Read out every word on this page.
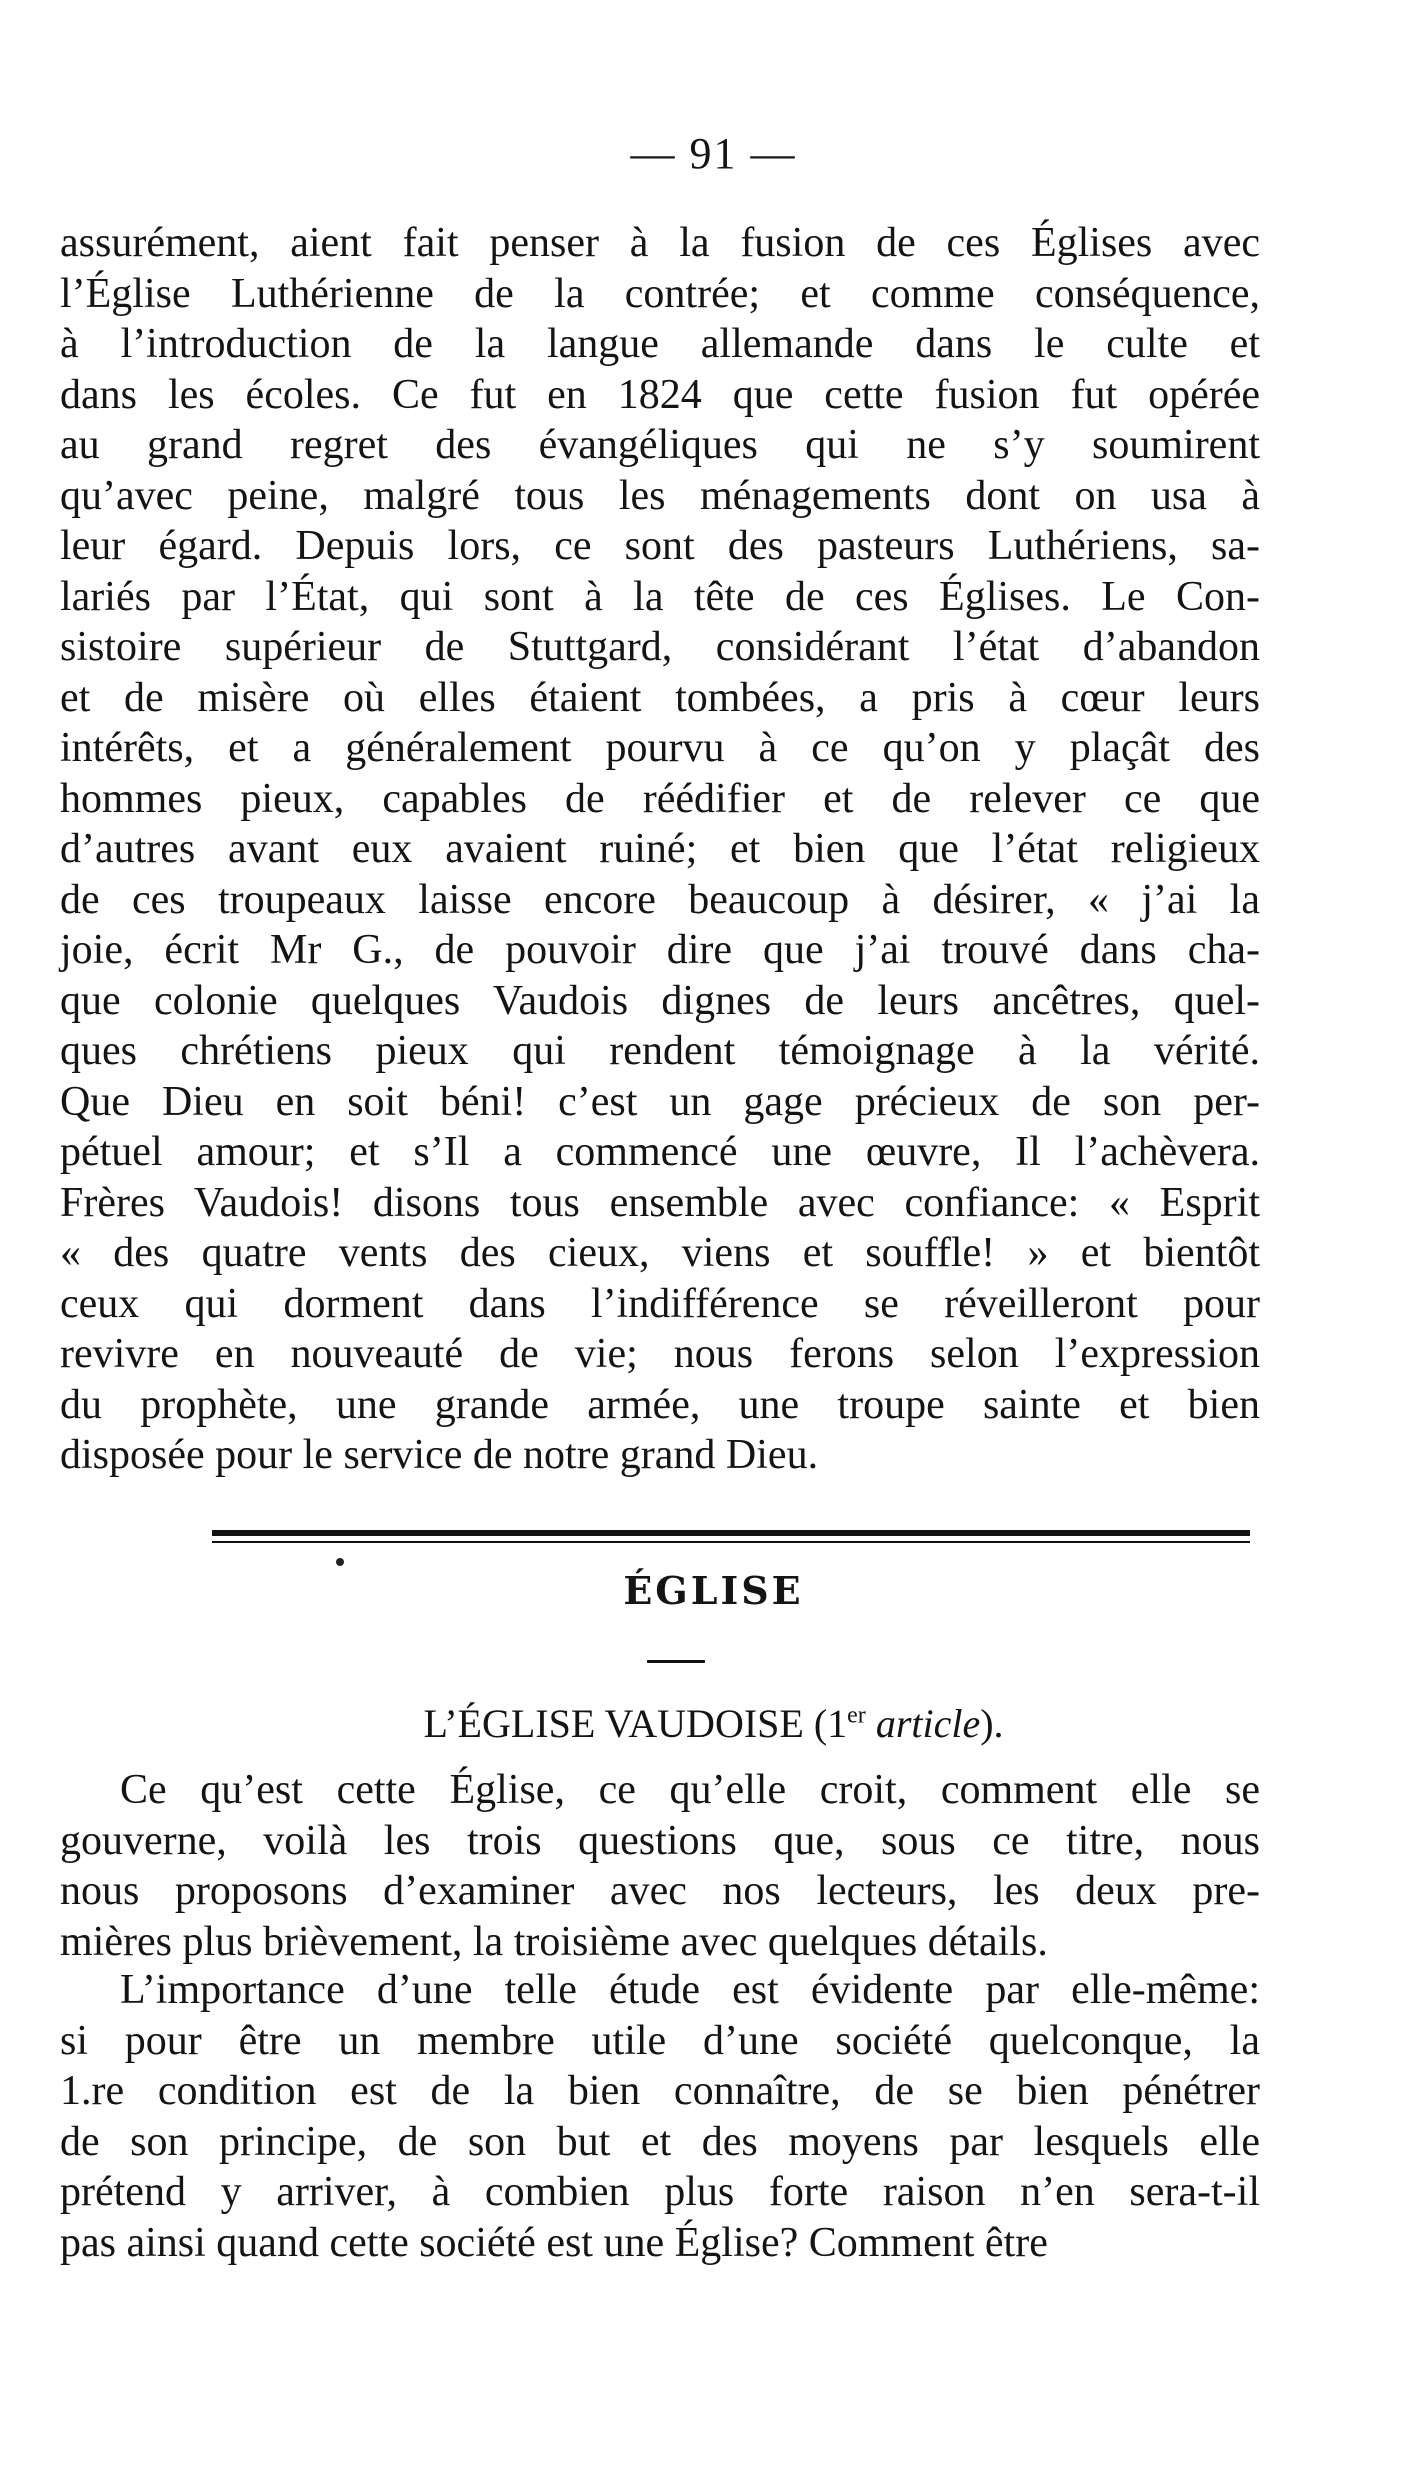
— 91 —
assurément, aient fait penser à la fusion de ces Églises avec
l’Église Luthérienne de la contrée; et comme conséquence,
à l’introduction de la langue allemande dans le culte et
dans les écoles. Ce fut en 1824 que cette fusion fut opérée
au grand regret des évangéliques qui ne s’y soumirent
qu’avec peine, malgré tous les ménagements dont on usa à
leur égard. Depuis lors, ce sont des pasteurs Luthériens, sa-
lariés par l’État, qui sont à la tête de ces Églises. Le Con-
sistoire supérieur de Stuttgard, considérant l’état d’abandon
et de misère où elles étaient tombées, a pris à cœur leurs
intérêts, et a généralement pourvu à ce qu’on y plaçât des
hommes pieux, capables de réédifier et de relever ce que
d’autres avant eux avaient ruiné; et bien que l’état religieux
de ces troupeaux laisse encore beaucoup à désirer, « j’ai la
joie, écrit Mr G., de pouvoir dire que j’ai trouvé dans cha-
que colonie quelques Vaudois dignes de leurs ancêtres, quel-
ques chrétiens pieux qui rendent témoignage à la vérité.
Que Dieu en soit béni! c’est un gage précieux de son per-
pétuel amour; et s’Il a commencé une œuvre, Il l’achèvera.
Frères Vaudois! disons tous ensemble avec confiance: « Esprit
« des quatre vents des cieux, viens et souffle! » et bientôt
ceux qui dorment dans l’indifférence se réveilleront pour
revivre en nouveauté de vie; nous ferons selon l’expression
du prophète, une grande armée, une troupe sainte et bien
disposée pour le service de notre grand Dieu.
ÉGLISE
L’ÉGLISE VAUDOISE (1er article).
Ce qu’est cette Église, ce qu’elle croit, comment elle se
gouverne, voilà les trois questions que, sous ce titre, nous
nous proposons d’examiner avec nos lecteurs, les deux pre-
mières plus brièvement, la troisième avec quelques détails.
L’importance d’une telle étude est évidente par elle-même:
si pour être un membre utile d’une société quelconque, la
1.re condition est de la bien connaître, de se bien pénétrer
de son principe, de son but et des moyens par lesquels elle
prétend y arriver, à combien plus forte raison n’en sera-t-il
pas ainsi quand cette société est une Église? Comment être
